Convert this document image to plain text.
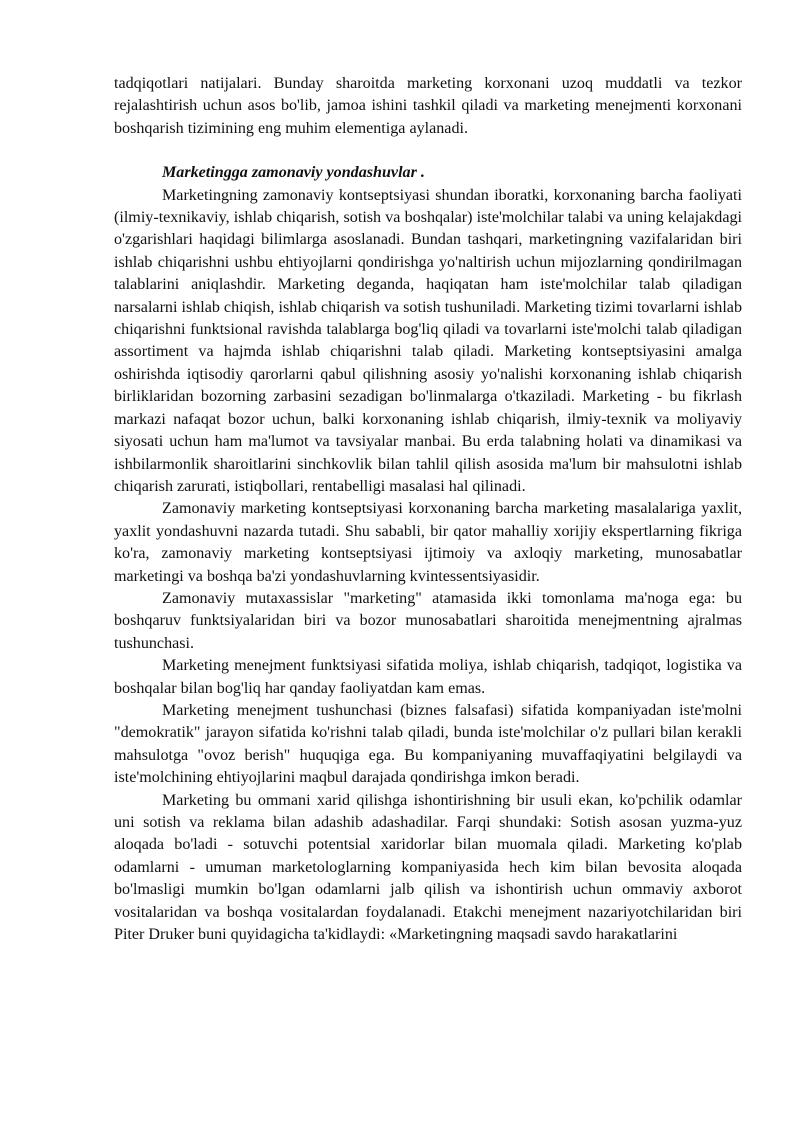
tadqiqotlari natijalari. Bunday sharoitda marketing korxonani uzoq muddatli va tezkor rejalashtirish uchun asos bo'lib, jamoa ishini tashkil qiladi va marketing menejmenti korxonani boshqarish tizimining eng muhim elementiga aylanadi.

Marketingga zamonaviy yondashuvlar .

Marketingning zamonaviy kontseptsiyasi shundan iboratki, korxonaning barcha faoliyati (ilmiy-texnikaviy, ishlab chiqarish, sotish va boshqalar) iste'molchilar talabi va uning kelajakdagi o'zgarishlari haqidagi bilimlarga asoslanadi. Bundan tashqari, marketingning vazifalaridan biri ishlab chiqarishni ushbu ehtiyojlarni qondirishga yo'naltirish uchun mijozlarning qondirilmagan talablarini aniqlashdir. Marketing deganda, haqiqatan ham iste'molchilar talab qiladigan narsalarni ishlab chiqish, ishlab chiqarish va sotish tushuniladi. Marketing tizimi tovarlarni ishlab chiqarishni funktsional ravishda talablarga bog'liq qiladi va tovarlarni iste'molchi talab qiladigan assortiment va hajmda ishlab chiqarishni talab qiladi. Marketing kontseptsiyasini amalga oshirishda iqtisodiy qarorlarni qabul qilishning asosiy yo'nalishi korxonaning ishlab chiqarish birliklaridan bozorning zarbasini sezadigan bo'linmalarga o'tkaziladi. Marketing - bu fikrlash markazi nafaqat bozor uchun, balki korxonaning ishlab chiqarish, ilmiy-texnik va moliyaviy siyosati uchun ham ma'lumot va tavsiyalar manbai. Bu erda talabning holati va dinamikasi va ishbilarmonlik sharoitlarini sinchkovlik bilan tahlil qilish asosida ma'lum bir mahsulotni ishlab chiqarish zarurati, istiqbollari, rentabelligi masalasi hal qilinadi.

Zamonaviy marketing kontseptsiyasi korxonaning barcha marketing masalalariga yaxlit, yaxlit yondashuvni nazarda tutadi. Shu sababli, bir qator mahalliy xorijiy ekspertlarning fikriga ko'ra, zamonaviy marketing kontseptsiyasi ijtimoiy va axloqiy marketing, munosabatlar marketingi va boshqa ba'zi yondashuvlarning kvintessentsiyasidir.

Zamonaviy mutaxassislar "marketing" atamasida ikki tomonlama ma'noga ega: bu boshqaruv funktsiyalaridan biri va bozor munosabatlari sharoitida menejmentning ajralmas tushunchasi.

Marketing menejment funktsiyasi sifatida moliya, ishlab chiqarish, tadqiqot, logistika va boshqalar bilan bog'liq har qanday faoliyatdan kam emas.

Marketing menejment tushunchasi (biznes falsafasi) sifatida kompaniyadan iste'molni "demokratik" jarayon sifatida ko'rishni talab qiladi, bunda iste'molchilar o'z pullari bilan kerakli mahsulotga "ovoz berish" huquqiga ega. Bu kompaniyaning muvaffaqiyatini belgilaydi va iste'molchining ehtiyojlarini maqbul darajada qondirishga imkon beradi.

Marketing bu ommani xarid qilishga ishontirishning bir usuli ekan, ko'pchilik odamlar uni sotish va reklama bilan adashib adashadilar. Farqi shundaki: Sotish asosan yuzma-yuz aloqada bo'ladi - sotuvchi potentsial xaridorlar bilan muomala qiladi. Marketing ko'plab odamlarni - umuman marketologlarning kompaniyasida hech kim bilan bevosita aloqada bo'lmasligi mumkin bo'lgan odamlarni jalb qilish va ishontirish uchun ommaviy axborot vositalaridan va boshqa vositalardan foydalanadi. Etakchi menejment nazariyotchilaridan biri Piter Druker buni quyidagicha ta'kidlaydi: «Marketingning maqsadi savdo harakatlarini
